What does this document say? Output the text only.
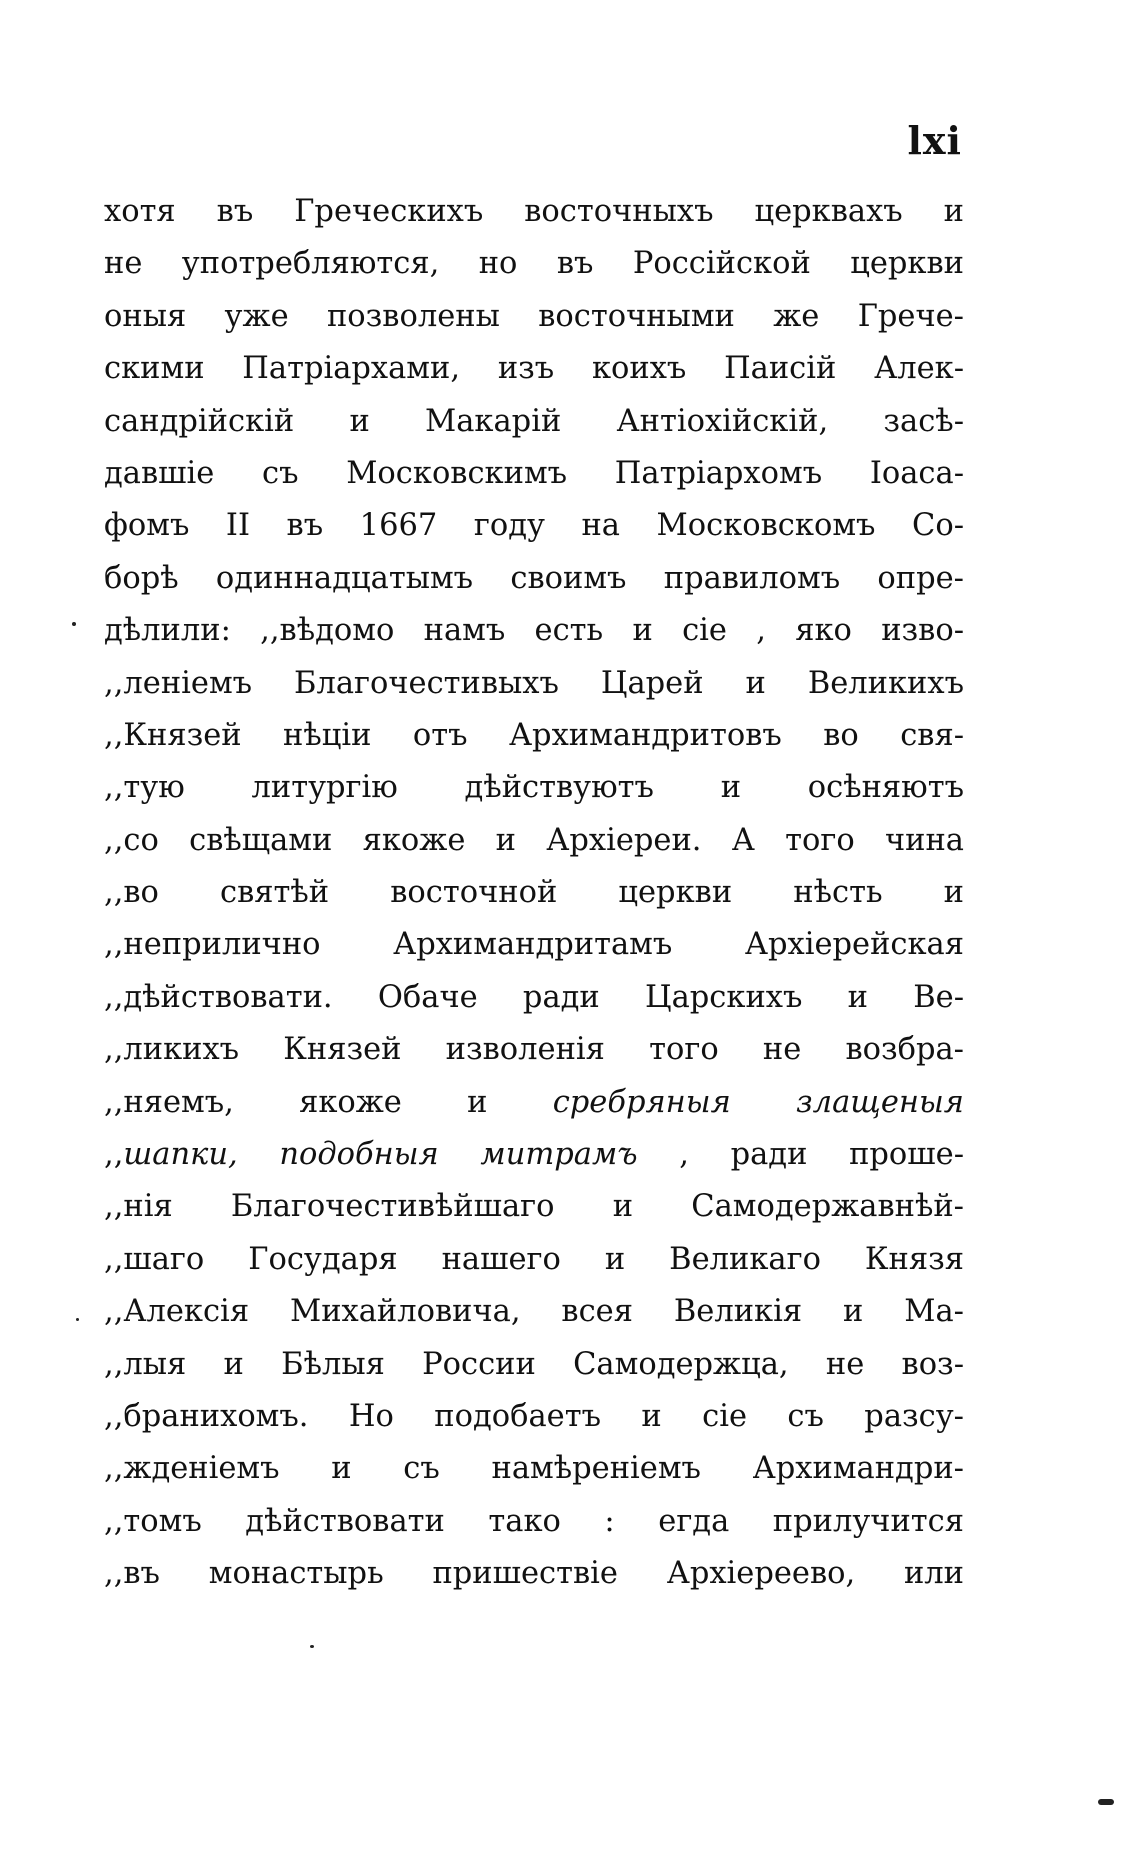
lxi
хотя въ Греческихъ восточныхъ церквахъ и
не употребляются, но въ Россійской церкви
оныя уже позволены восточными же Грече-
скими Патріархами, изъ коихъ Паисій Алек-
сандрійскій и Макарій Антіохійскій, засѣ-
давшіе съ Московскимъ Патріархомъ Іоаса-
фомъ II въ 1667 году на Московскомъ Со-
борѣ одиннадцатымъ своимъ правиломъ опре-
дѣлили: ,,вѣдомо намъ есть и сіе , яко изво-
,,леніемъ Благочестивыхъ Царей и Великихъ
,,Князей нѣціи отъ Архимандритовъ во свя-
,,тую литургію дѣйствуютъ и осѣняютъ
,,со свѣщами якоже и Архіереи. А того чина
,,во святѣй восточной церкви нѣсть и
,,неприлично Архимандритамъ Архіерейская
,,дѣйствовати. Обаче ради Царскихъ и Ве-
,,ликихъ Князей изволенія того не возбра-
,,няемъ, якоже и сребряныя злащеныя
,,шапки, подобныя митрамъ , ради проше-
,,нія Благочестивѣйшаго и Самодержавнѣй-
,,шаго Государя нашего и Великаго Князя
,,Алексія Михайловича, всея Великія и Ма-
,,лыя и Бѣлыя России Самодержца, не воз-
,,бранихомъ. Но подобаетъ и сіе съ разсу-
,,жденіемъ и съ намѣреніемъ Архимандри-
,,томъ дѣйствовати тако : егда прилучится
,,въ монастырь пришествіе Архіереево, или
